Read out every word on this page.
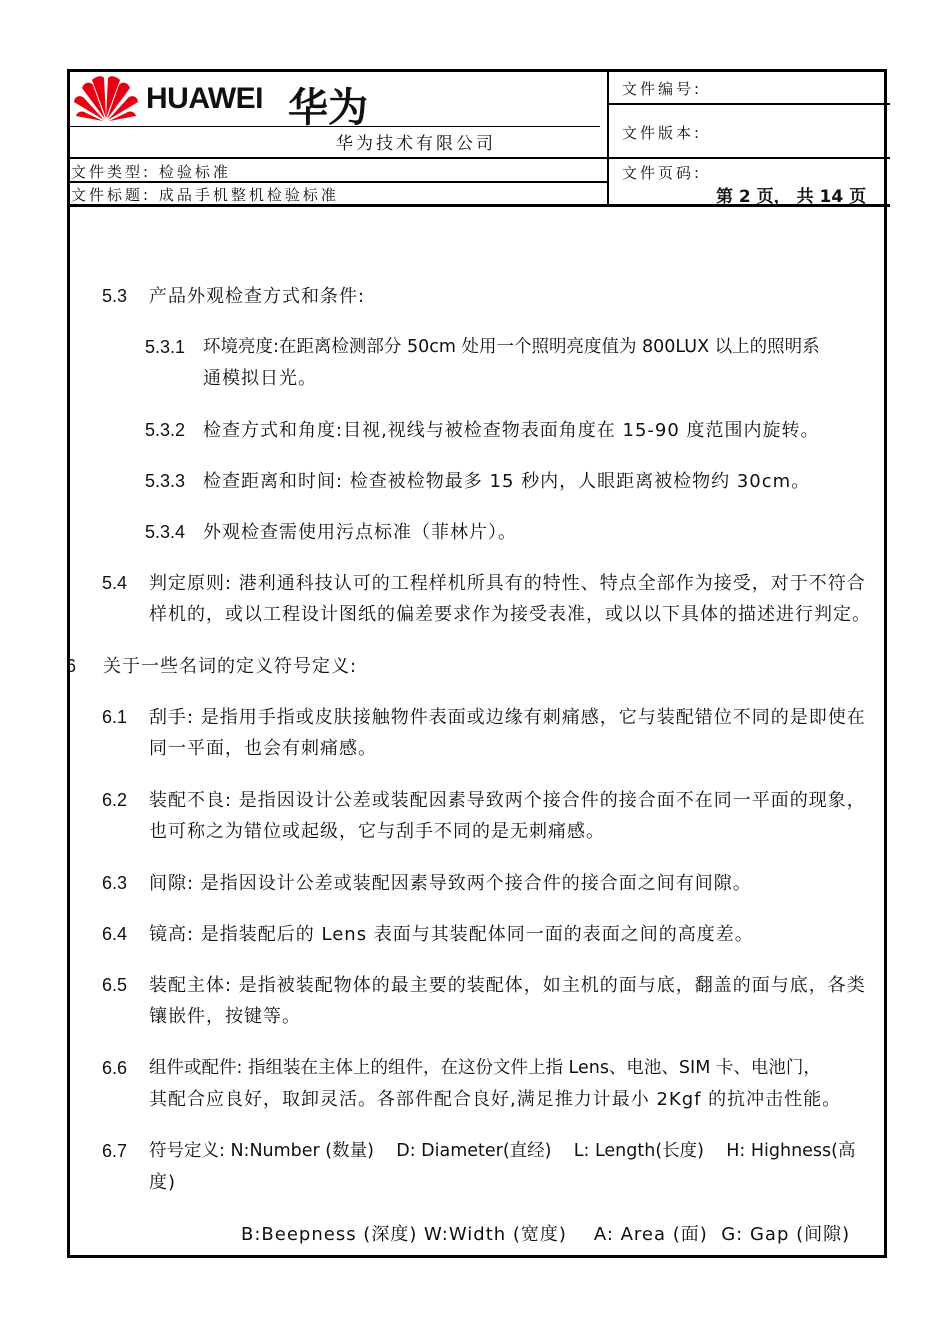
HUAWEI 华为
华为技术有限公司
文件编号:
文件版本:
文件类型: 检验标准
文件标题: 成品手机整机检验标准
文件页码:
第 2 页， 共 14 页
5.3 产品外观检查方式和条件:
5.3.1 环境亮度:在距离检测部分 50cm 处用一个照明亮度值为 800LUX 以上的照明系
通模拟日光。
5.3.2 检查方式和角度:目视,视线与被检查物表面角度在 15-90 度范围内旋转。
5.3.3 检查距离和时间: 检查被检物最多 15 秒内，人眼距离被检物约 30cm。
5.3.4 外观检查需使用污点标准（菲林片）。
5.4 判定原则: 港利通科技认可的工程样机所具有的特性、特点全部作为接受，对于不符合
样机的，或以工程设计图纸的偏差要求作为接受表准，或以以下具体的描述进行判定。
6 关于一些名词的定义符号定义:
6.1 刮手: 是指用手指或皮肤接触物件表面或边缘有刺痛感，它与装配错位不同的是即使在
同一平面，也会有刺痛感。
6.2 装配不良: 是指因设计公差或装配因素导致两个接合件的接合面不在同一平面的现象，
也可称之为错位或起级，它与刮手不同的是无刺痛感。
6.3 间隙: 是指因设计公差或装配因素导致两个接合件的接合面之间有间隙。
6.4 镜高: 是指装配后的 Lens 表面与其装配体同一面的表面之间的高度差。
6.5 装配主体: 是指被装配物体的最主要的装配体，如主机的面与底，翻盖的面与底，各类
镶嵌件，按键等。
6.6 组件或配件: 指组装在主体上的组件，在这份文件上指 Lens、电池、SIM 卡、电池门，
其配合应良好，取卸灵活。各部件配合良好,满足推力计最小 2Kgf 的抗冲击性能。
6.7 符号定义: N:Number (数量)    D: Diameter(直经)    L: Length(长度)    H: Highness(高
度)
B:Beepness (深度) W:Width (宽度)    A: Area (面)  G: Gap (间隙)
